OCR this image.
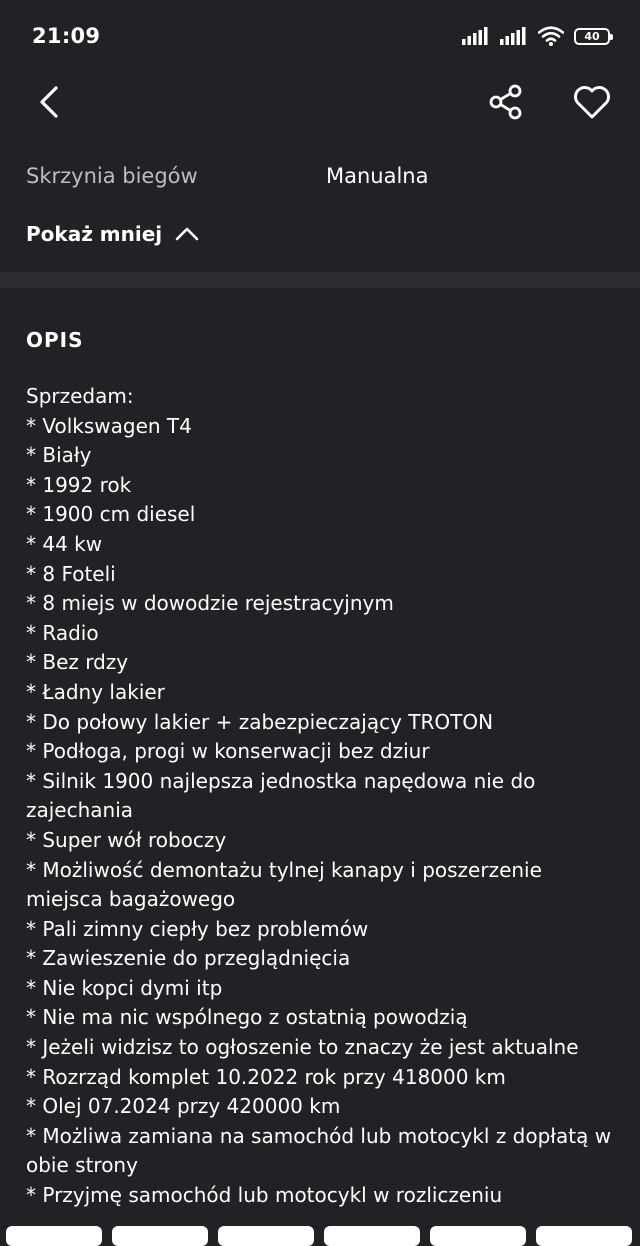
21:09	40
Skrzynia biegów	Manualna
Pokaż mniej
OPIS
Sprzedam:
* Volkswagen T4
* Biały
* 1992 rok
* 1900 cm diesel
* 44 kw
* 8 Foteli
* 8 miejs w dowodzie rejestracyjnym
* Radio
* Bez rdzy
* Ładny lakier
* Do połowy lakier + zabezpieczający TROTON
* Podłoga, progi w konserwacji bez dziur
* Silnik 1900 najlepsza jednostka napędowa nie do
zajechania
* Super wół roboczy
* Możliwość demontażu tylnej kanapy i poszerzenie
miejsca bagażowego
* Pali zimny ciepły bez problemów
* Zawieszenie do przeglądnięcia
* Nie kopci dymi itp
* Nie ma nic wspólnego z ostatnią powodzią
* Jeżeli widzisz to ogłoszenie to znaczy że jest aktualne
* Rozrząd komplet 10.2022 rok przy 418000 km
* Olej 07.2024 przy 420000 km
* Możliwa zamiana na samochód lub motocykl z dopłatą w
obie strony
* Przyjmę samochód lub motocykl w rozliczeniu
